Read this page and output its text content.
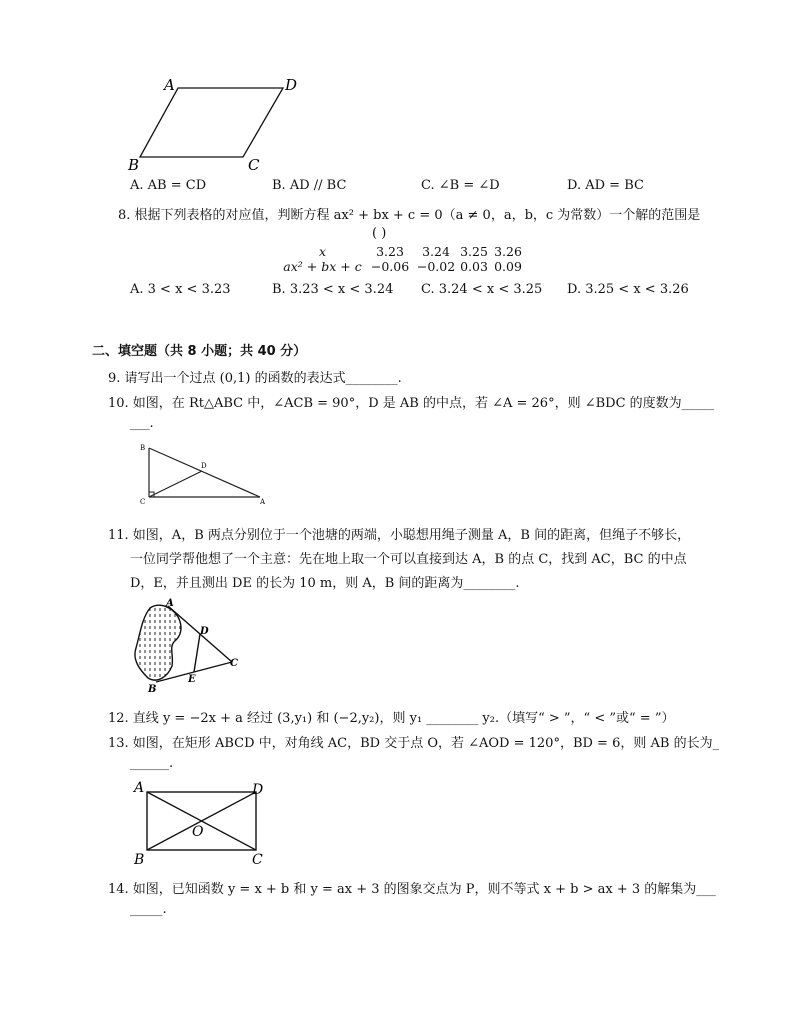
A	D
B	C
A. AB = CD	B. AD // BC	C. ∠B = ∠D	D. AD = BC
8. 根据下列表格的对应值，判断方程 ax² + bx + c = 0（a ≠ 0，a，b，c 为常数）一个解的范围是
( )
x	3.23	3.24	3.25	3.26
ax² + bx + c	−0.06	−0.02	0.03	0.09
A. 3 < x < 3.23	B. 3.23 < x < 3.24 C. 3.24 < x < 3.25 D. 3.25 < x < 3.26
二、填空题（共 8 小题；共 40 分）
9. 请写出一个过点 (0,1) 的函数的表达式________.
10. 如图，在 Rt△ABC 中，∠ACB = 90°，D 是 AB 的中点，若 ∠A = 26°，则 ∠BDC 的度数为_____
___.
B
D
C	A
11. 如图，A，B 两点分别位于一个池塘的两端，小聪想用绳子测量 A，B 间的距离，但绳子不够长，
一位同学帮他想了一个主意：先在地上取一个可以直接到达 A，B 的点 C，找到 AC，BC 的中点
D，E，并且测出 DE 的长为 10 m，则 A，B 间的距离为________.
A
D
C
E
B
12. 直线 y = −2x + a 经过 (3,y₁) 和 (−2,y₂)，则 y₁ ________ y₂.（填写“ > ”，“ < ”或“ = ”）
13. 如图，在矩形 ABCD 中，对角线 AC，BD 交于点 O，若 ∠AOD = 120°，BD = 6，则 AB 的长为_
______.
A	D
O
B	C
14. 如图，已知函数 y = x + b 和 y = ax + 3 的图象交点为 P，则不等式 x + b > ax + 3 的解集为___
_____.
